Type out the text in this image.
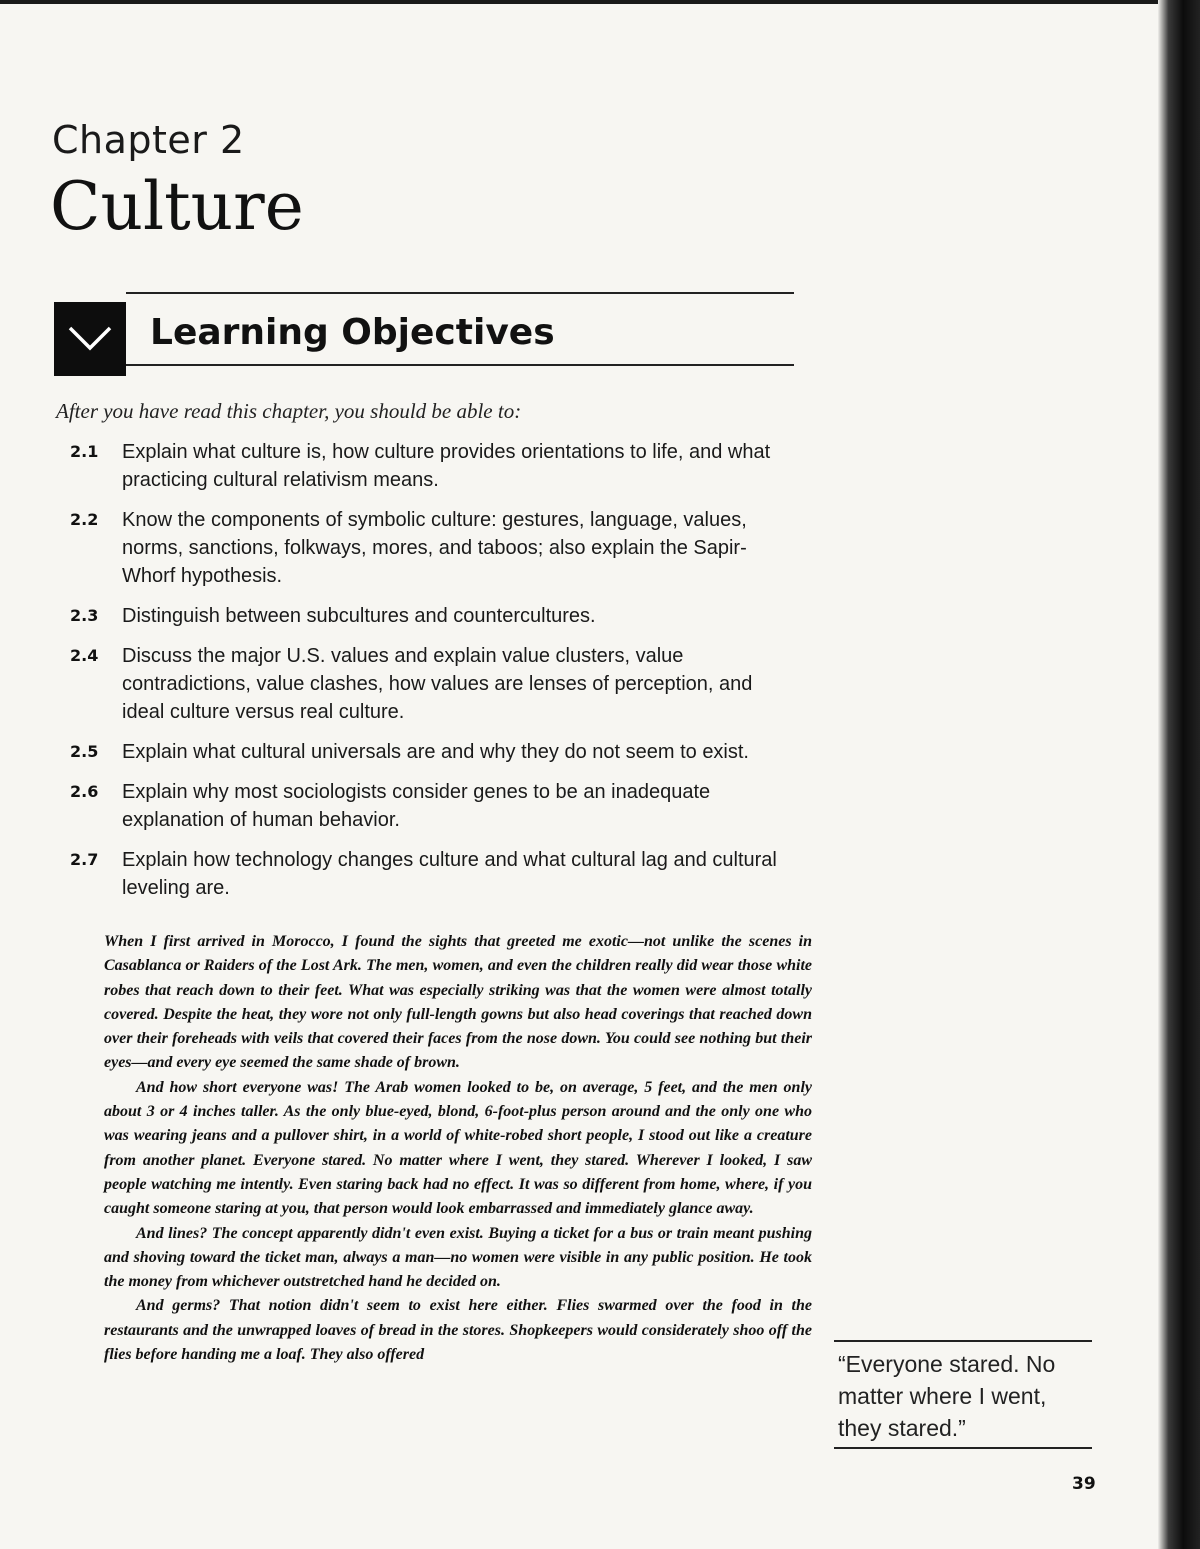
Chapter 2
Culture
Learning Objectives
After you have read this chapter, you should be able to:
2.1	Explain what culture is, how culture provides orientations to life, and what practicing cultural relativism means.
2.2	Know the components of symbolic culture: gestures, language, values, norms, sanctions, folkways, mores, and taboos; also explain the Sapir-Whorf hypothesis.
2.3	Distinguish between subcultures and countercultures.
2.4	Discuss the major U.S. values and explain value clusters, value contradictions, value clashes, how values are lenses of perception, and ideal culture versus real culture.
2.5	Explain what cultural universals are and why they do not seem to exist.
2.6	Explain why most sociologists consider genes to be an inadequate explanation of human behavior.
2.7	Explain how technology changes culture and what cultural lag and cultural leveling are.

When I first arrived in Morocco, I found the sights that greeted me exotic—not unlike the scenes in Casablanca or Raiders of the Lost Ark. The men, women, and even the children really did wear those white robes that reach down to their feet. What was especially striking was that the women were almost totally covered. Despite the heat, they wore not only full-length gowns but also head coverings that reached down over their foreheads with veils that covered their faces from the nose down. You could see nothing but their eyes—and every eye seemed the same shade of brown.

And how short everyone was! The Arab women looked to be, on average, 5 feet, and the men only about 3 or 4 inches taller. As the only blue-eyed, blond, 6-foot-plus person around and the only one who was wearing jeans and a pullover shirt, in a world of white-robed short people, I stood out like a creature from another planet. Everyone stared. No matter where I went, they stared. Wherever I looked, I saw people watching me intently. Even staring back had no effect. It was so different from home, where, if you caught someone staring at you, that person would look embarrassed and immediately glance away.

And lines? The concept apparently didn't even exist. Buying a ticket for a bus or train meant pushing and shoving toward the ticket man, always a man—no women were visible in any public position. He took the money from whichever outstretched hand he decided on.

And germs? That notion didn't seem to exist here either. Flies swarmed over the food in the restaurants and the unwrapped loaves of bread in the stores. Shopkeepers would considerately shoo off the flies before handing me a loaf. They also offered	“Everyone stared. No matter where I went, they stared.”
39
